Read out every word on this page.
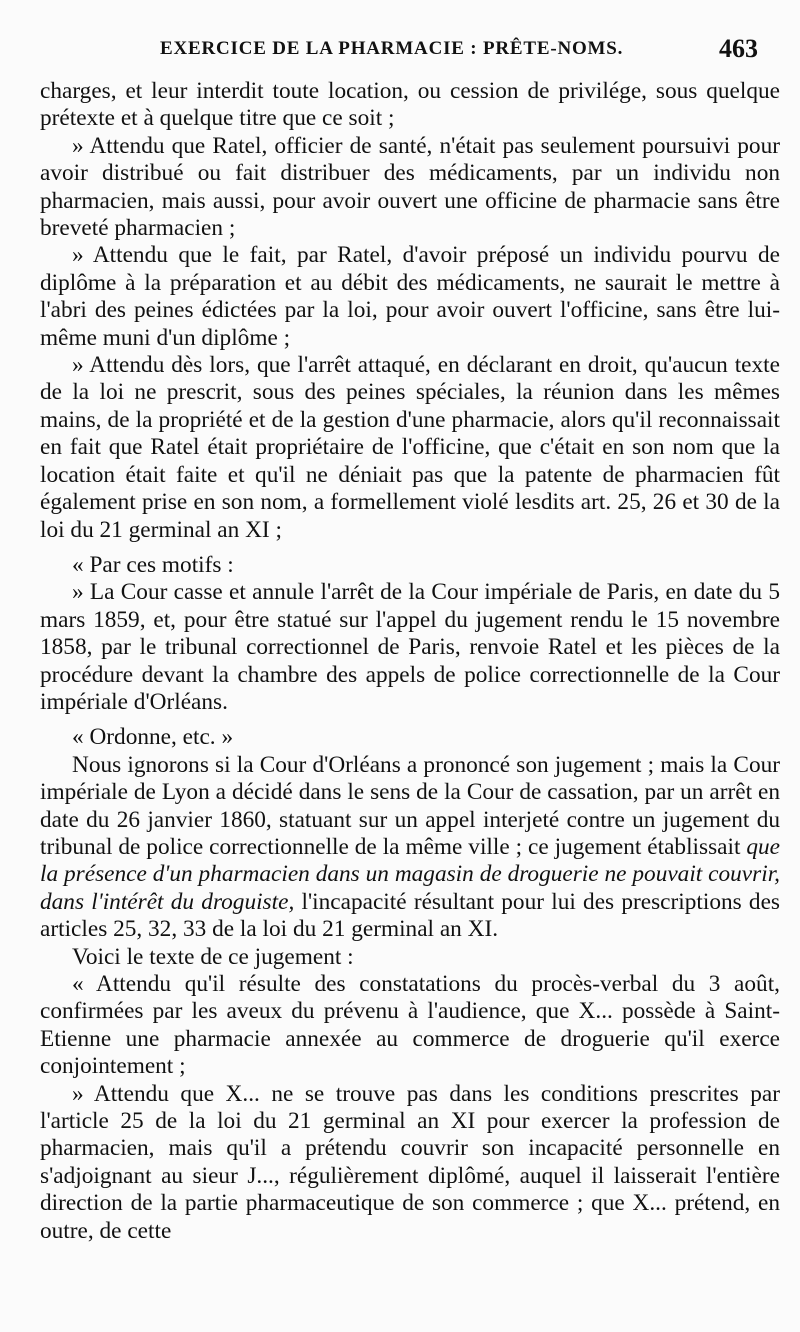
EXERCICE DE LA PHARMACIE : PRÊTE-NOMS.	463

charges, et leur interdit toute location, ou cession de privilége, sous quelque prétexte et à quelque titre que ce soit ;

» Attendu que Ratel, officier de santé, n'était pas seulement poursuivi pour avoir distribué ou fait distribuer des médicaments, par un individu non pharmacien, mais aussi, pour avoir ouvert une officine de pharmacie sans être breveté pharmacien ;

» Attendu que le fait, par Ratel, d'avoir préposé un individu pourvu de diplôme à la préparation et au débit des médicaments, ne saurait le mettre à l'abri des peines édictées par la loi, pour avoir ouvert l'officine, sans être lui-même muni d'un diplôme ;

» Attendu dès lors, que l'arrêt attaqué, en déclarant en droit, qu'aucun texte de la loi ne prescrit, sous des peines spéciales, la réunion dans les mêmes mains, de la propriété et de la gestion d'une pharmacie, alors qu'il reconnaissait en fait que Ratel était propriétaire de l'officine, que c'était en son nom que la location était faite et qu'il ne déniait pas que la patente de pharmacien fût également prise en son nom, a formellement violé lesdits art. 25, 26 et 30 de la loi du 21 germinal an XI ;

« Par ces motifs :

» La Cour casse et annule l'arrêt de la Cour impériale de Paris, en date du 5 mars 1859, et, pour être statué sur l'appel du jugement rendu le 15 novembre 1858, par le tribunal correctionnel de Paris, renvoie Ratel et les pièces de la procédure devant la chambre des appels de police correctionnelle de la Cour impériale d'Orléans.

« Ordonne, etc. »

Nous ignorons si la Cour d'Orléans a prononcé son jugement ; mais la Cour impériale de Lyon a décidé dans le sens de la Cour de cassation, par un arrêt en date du 26 janvier 1860, statuant sur un appel interjeté contre un jugement du tribunal de police correctionnelle de la même ville ; ce jugement établissait que la présence d'un pharmacien dans un magasin de droguerie ne pouvait couvrir, dans l'intérêt du droguiste, l'incapacité résultant pour lui des prescriptions des articles 25, 32, 33 de la loi du 21 germinal an XI.

Voici le texte de ce jugement :

« Attendu qu'il résulte des constatations du procès-verbal du 3 août, confirmées par les aveux du prévenu à l'audience, que X... possède à Saint-Etienne une pharmacie annexée au commerce de droguerie qu'il exerce conjointement ;

» Attendu que X... ne se trouve pas dans les conditions prescrites par l'article 25 de la loi du 21 germinal an XI pour exercer la profession de pharmacien, mais qu'il a prétendu couvrir son incapacité personnelle en s'adjoignant au sieur J..., régulièrement diplômé, auquel il laisserait l'entière direction de la partie pharmaceutique de son commerce ; que X... prétend, en outre, de cette
